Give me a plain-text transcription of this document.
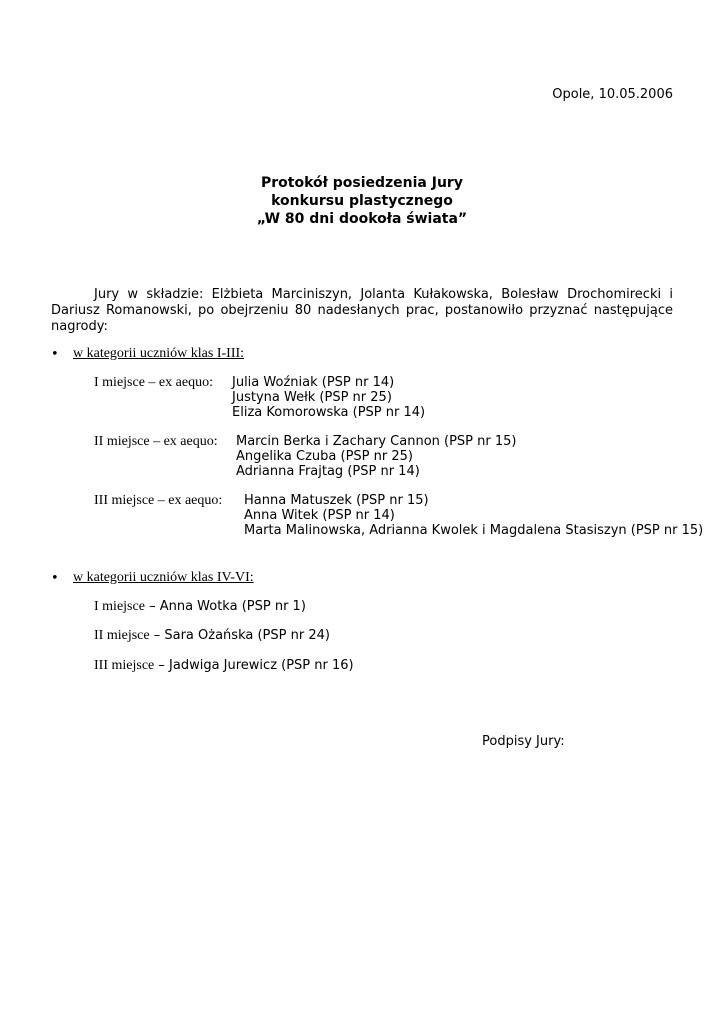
Opole, 10.05.2006
Protokół posiedzenia Jury
konkursu plastycznego
„W 80 dni dookoła świata”
Jury w składzie: Elżbieta Marciniszyn, Jolanta Kułakowska, Bolesław Drochomirecki i Dariusz Romanowski, po obejrzeniu 80 nadesłanych prac, postanowiło przyznać następujące nagrody:
• w kategorii uczniów klas I-III:
I miejsce – ex aequo: Julia Woźniak (PSP nr 14)
Justyna Wełk (PSP nr 25)
Eliza Komorowska (PSP nr 14)
II miejsce – ex aequo: Marcin Berka i Zachary Cannon (PSP nr 15)
Angelika Czuba (PSP nr 25)
Adrianna Frajtag (PSP nr 14)
III miejsce – ex aequo: Hanna Matuszek (PSP nr 15)
Anna Witek (PSP nr 14)
Marta Malinowska, Adrianna Kwolek i Magdalena Stasiszyn (PSP nr 15)
• w kategorii uczniów klas IV-VI:
I miejsce – Anna Wotka (PSP nr 1)
II miejsce – Sara Ożańska (PSP nr 24)
III miejsce – Jadwiga Jurewicz (PSP nr 16)
Podpisy Jury:
